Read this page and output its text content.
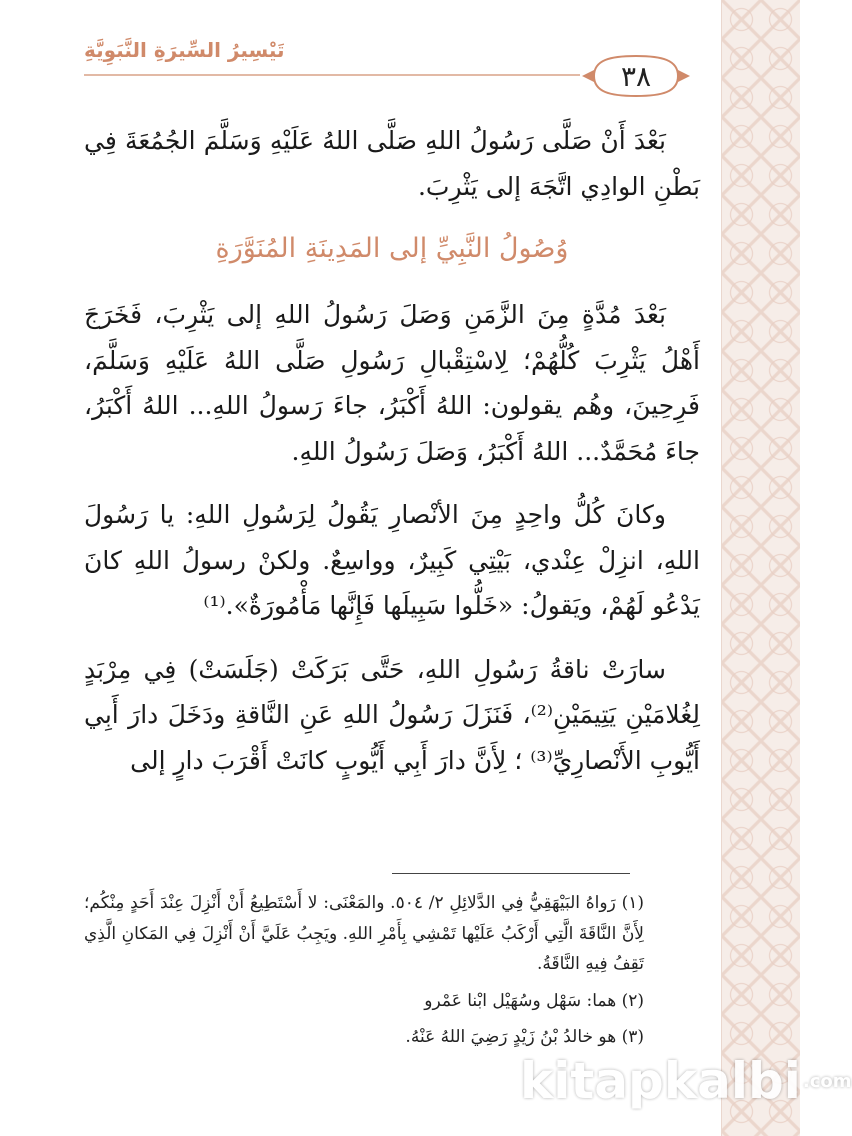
تَيْسِيرُ السِّيرَةِ النَّبَوِيَّةِ
٣٨

بَعْدَ أَنْ صَلَّى رَسُولُ اللهِ صَلَّى اللهُ عَلَيْهِ وَسَلَّمَ الجُمُعَةَ فِي بَطْنِ الوادِي اتَّجَهَ إلى يَثْرِبَ.

وُصُولُ النَّبِيِّ إلى المَدِينَةِ المُنَوَّرَةِ

بَعْدَ مُدَّةٍ مِنَ الزَّمَنِ وَصَلَ رَسُولُ اللهِ إلى يَثْرِبَ، فَخَرَجَ أَهْلُ يَثْرِبَ كُلُّهُمْ؛ لِاسْتِقْبالِ رَسُولِ صَلَّى اللهُ عَلَيْهِ وَسَلَّمَ، فَرِحِينَ، وهُم يقولون: اللهُ أَكْبَرُ، جاءَ رَسولُ اللهِ... اللهُ أَكْبَرُ، جاءَ مُحَمَّدٌ... اللهُ أَكْبَرُ، وَصَلَ رَسُولُ اللهِ.

وكانَ كُلُّ واحِدٍ مِنَ الأنْصارِ يَقُولُ لِرَسُولِ اللهِ: يا رَسُولَ اللهِ، انزِلْ عِنْدي، بَيْتِي كَبِيرٌ، وواسِعٌ. ولكنْ رسولُ اللهِ كانَ يَدْعُو لَهُمْ، ويَقولُ: «خَلُّوا سَبِيلَها فَإِنَّها مَأْمُورَةٌ».⁽¹⁾

سارَتْ ناقةُ رَسُولِ اللهِ، حَتَّى بَرَكَتْ (جَلَسَتْ) فِي مِرْبَدٍ لِغُلامَيْنِ يَتِيمَيْنِ⁽²⁾، فَنَزَلَ رَسُولُ اللهِ عَنِ النَّاقةِ ودَخَلَ دارَ أَبِي أَيُّوبِ الأَنْصارِيِّ⁽³⁾ ؛ لِأَنَّ دارَ أَبِي أَيُّوبٍ كانَتْ أَقْرَبَ دارٍ إلى

(١) رَواهُ البَيْهَقِيُّ فِي الدَّلائِلِ ٢/ ٥٠٤. والمَعْنَى: لا أَسْتَطِيعُ أَنْ أَنْزِلَ عِنْدَ أَحَدٍ مِنْكُم؛ لِأَنَّ النَّاقَةَ الَّتِي أَرْكَبُ عَلَيْها تَمْشِي بِأَمْرِ اللهِ. ويَجِبُ عَلَيَّ أَنْ أَنْزِلَ فِي المَكانِ الَّذِي تَقِفُ فِيهِ النَّاقَةُ.

(٢) هما: سَهْل وسُهَيْل ابْنا عَمْرو

(٣) هو خالدُ بْنُ زَيْدٍ رَضِيَ اللهُ عَنْهُ.

kitapkalbi .com
